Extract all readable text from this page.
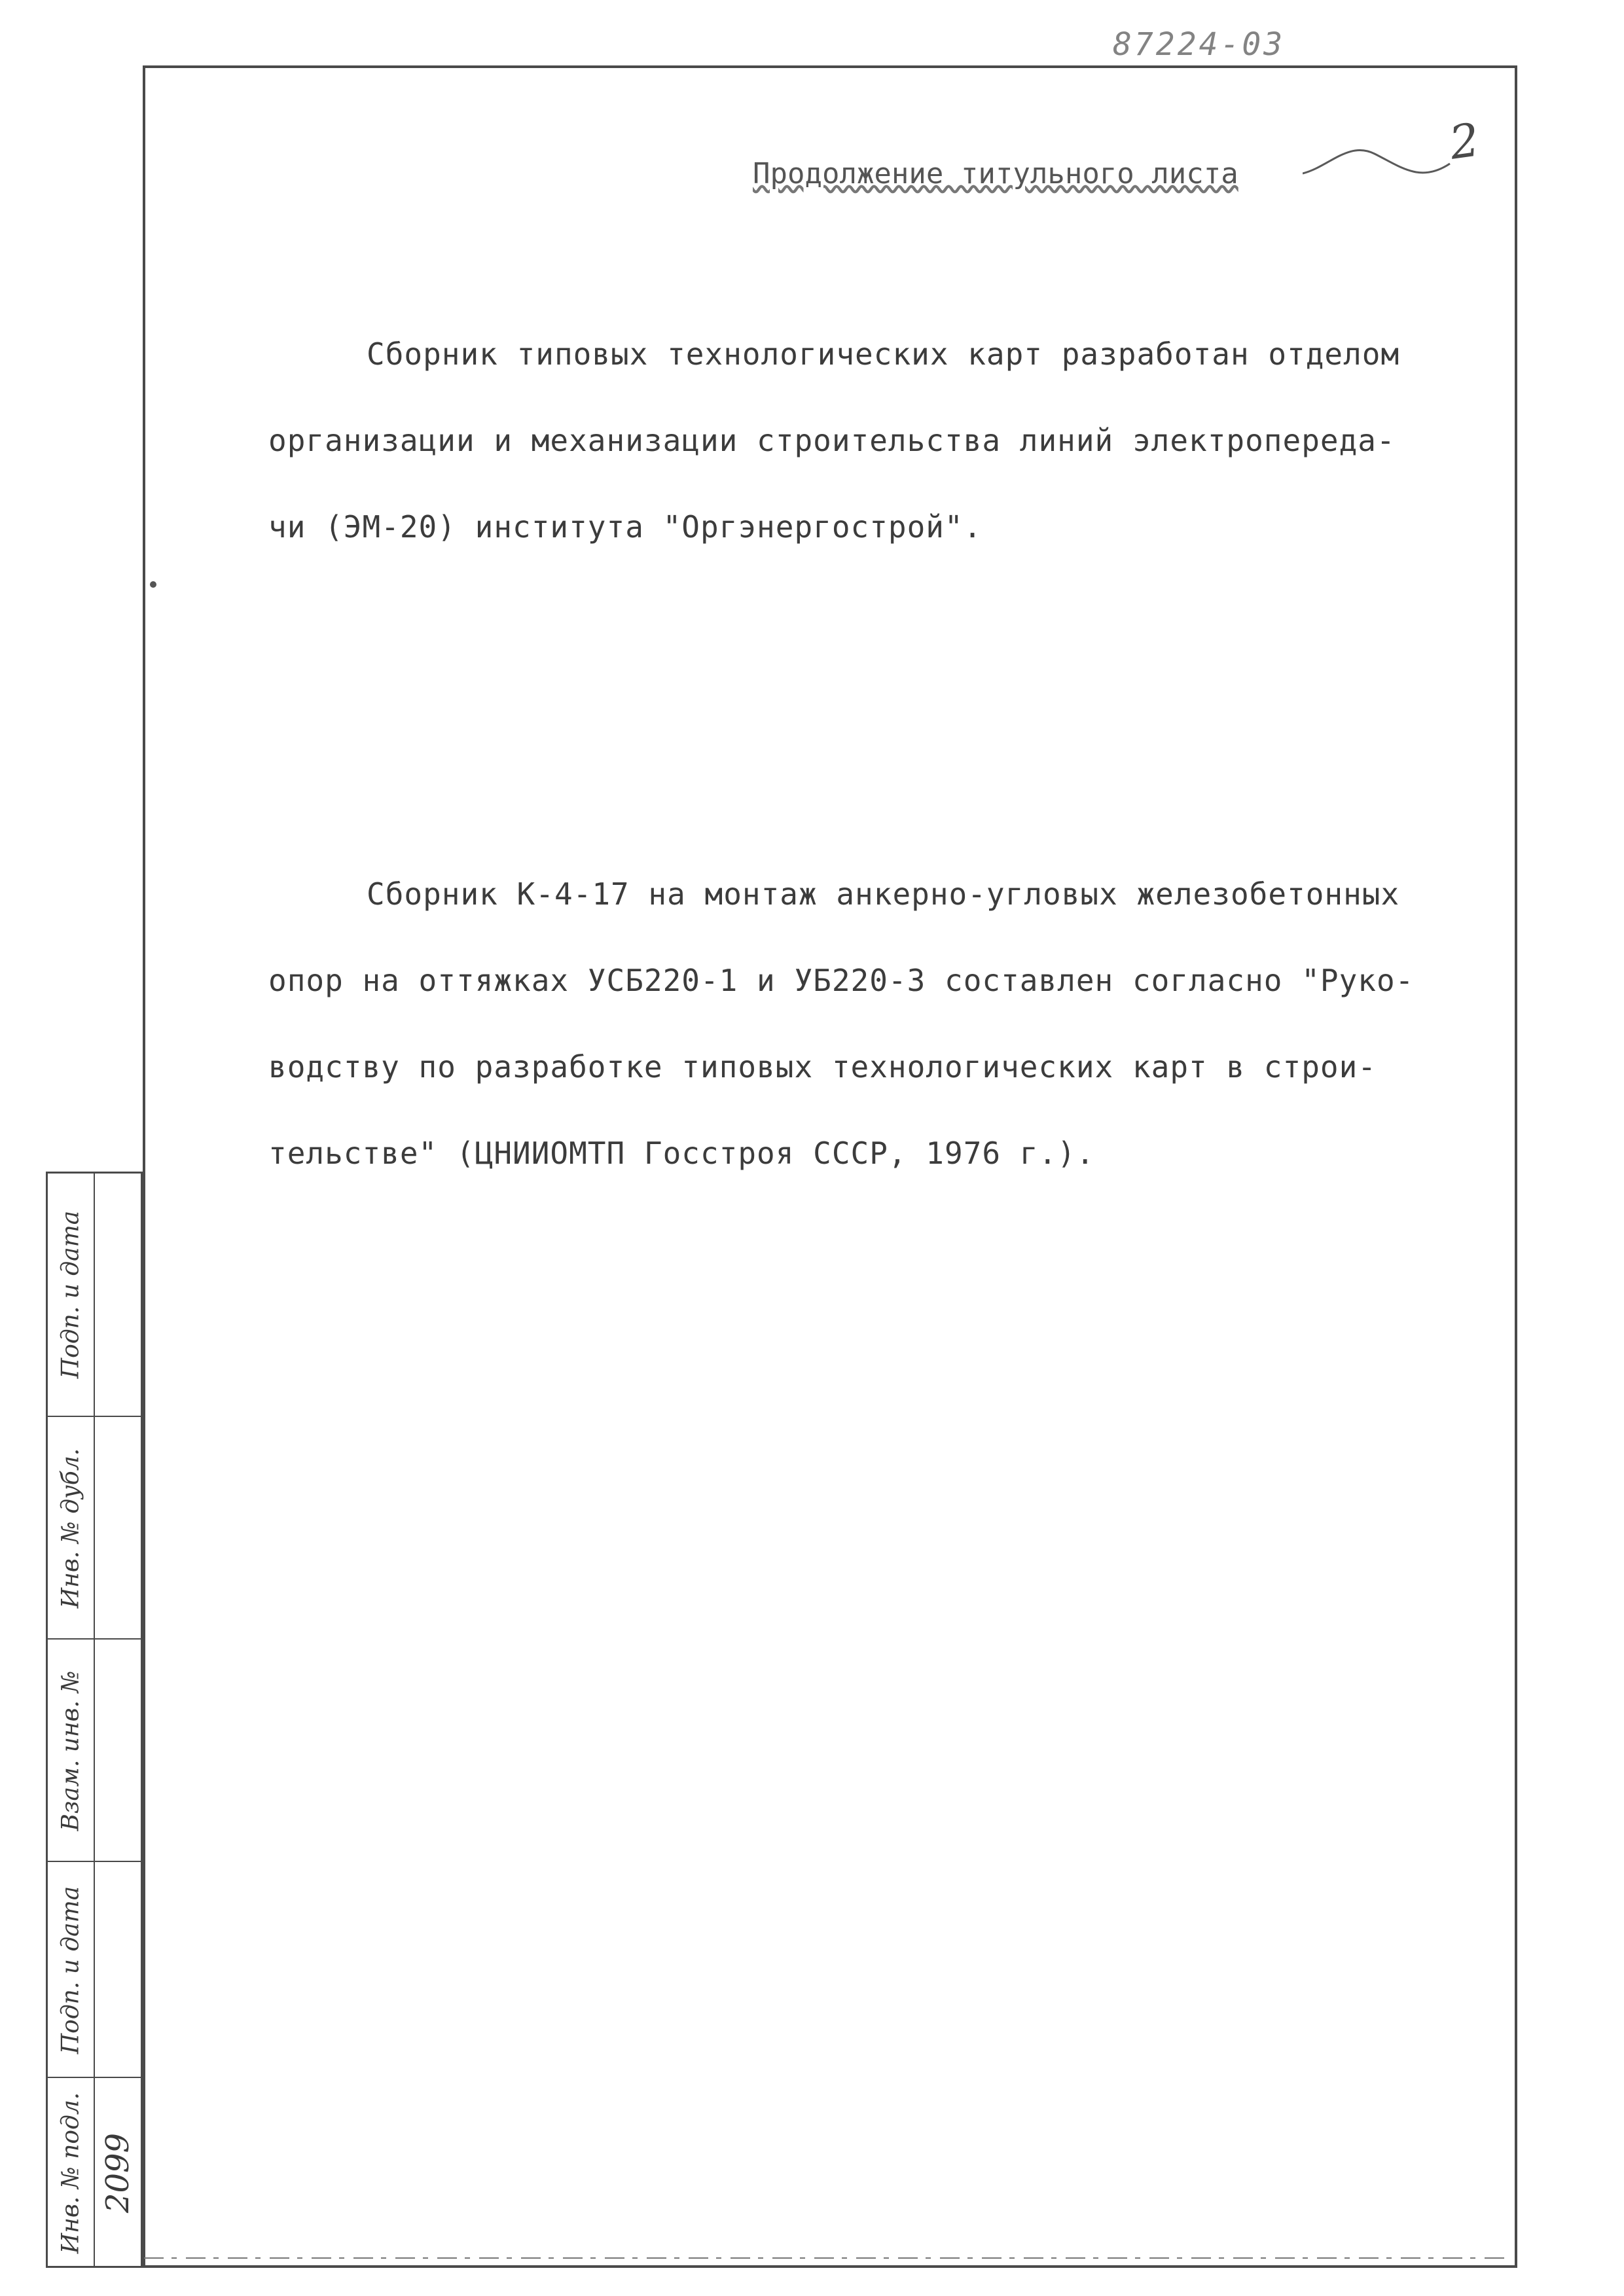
87224-03
2
Продолжение титульного листа
Сборник типовых технологических карт разработан отделом
организации и механизации строительства линий электропереда-
чи (ЭМ-20) института "Оргэнергострой".
Сборник К-4-17 на монтаж анкерно-угловых железобетонных
опор на оттяжках УСБ220-1 и УБ220-3 составлен согласно "Руко-
водству по разработке типовых технологических карт в строи-
тельстве" (ЦНИИОМТП Госстроя СССР, 1976 г.).
Подп. и дата
Инв. № дубл.
Взам. инв. №
Подп. и дата
Инв. № подл. 2099
